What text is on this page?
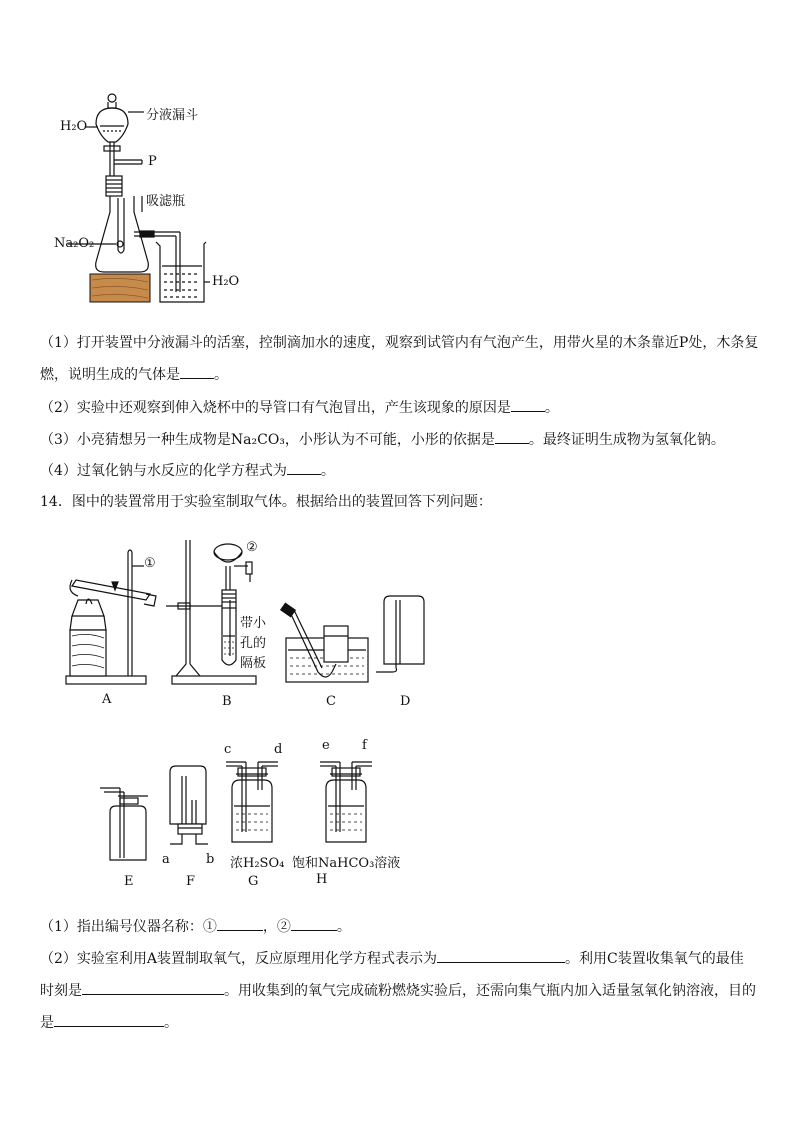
分液漏斗
H₂O
P
吸滤瓶
Na₂O₂
H₂O
（1）打开装置中分液漏斗的活塞，控制滴加水的速度，观察到试管内有气泡产生，用带火星的木条靠近P处，木条复
燃，说明生成的气体是 。
（2）实验中还观察到伸入烧杯中的导管口有气泡冒出，产生该现象的原因是 。
（3）小亮猜想另一种生成物是Na₂CO₃，小彤认为不可能，小彤的依据是 。最终证明生成物为氢氧化钠。
（4）过氧化钠与水反应的化学方程式为 。
14．图中的装置常用于实验室制取气体。根据给出的装置回答下列问题：
①
②
带小
孔的
隔板
A	B	C	D
c	d	e f
a	b 浓H₂SO₄ 饱和NaHCO₃溶液
E	F	G	H
（1）指出编号仪器名称：①	，②	。
（2）实验室利用A装置制取氧气，反应原理用化学方程式表示为	。利用C装置收集氧气的最佳
时刻是	。用收集到的氧气完成硫粉燃烧实验后，还需向集气瓶内加入适量氢氧化钠溶液，目的
是	。
